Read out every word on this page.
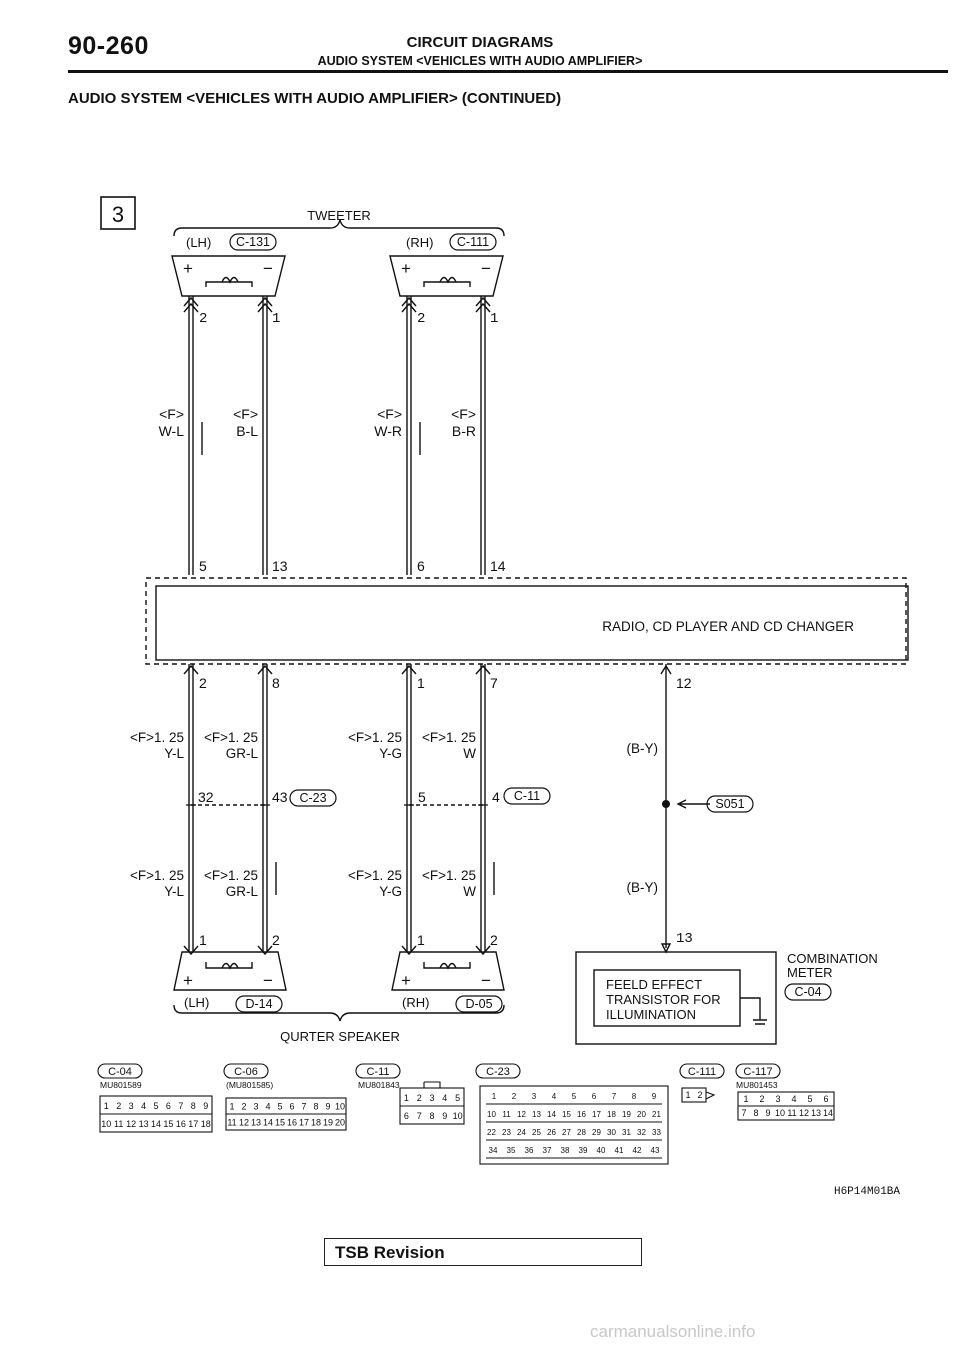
90-260	CIRCUIT DIAGRAMS
AUDIO SYSTEM <VEHICLES WITH AUDIO AMPLIFIER>
AUDIO SYSTEM <VEHICLES WITH AUDIO AMPLIFIER> (CONTINUED)
3	TWEETER
(LH)	(RH)
+	−	+	−
2	1	2	1
<F>
W-L
<F>
B-L
<F>
W-R
<F>
B-R
5	13	6	14
2	8	1	7	12
RADIO, CD PLAYER AND CD CHANGER
<F>1. 25
Y-L
<F>1. 25
GR-L
<F>1. 25
Y-G
<F>1. 25
W
<F>1. 25
Y-L
<F>1. 25
GR-L
<F>1. 25
Y-G
<F>1. 25
W
32	43	5	4
(B-Y)
(B-Y)
13
1	2	1	2
+	−	+	−
(LH)	(RH)
QURTER SPEAKER
COMBINATION
METER
FEELD EFFECT
TRANSISTOR FOR
ILLUMINATION
C-131	C-111
C-23	C-11
S051
D-14	D-05
C-04
C-04	C-06	C-11	C-23	C-111 C-117
MU801589	(MU801585)	MU801843	MU801453
1 2 3 4 5 6 7 8 9
10 11 12 13 14 15 16 17 18
1 2 3 4 5 6 7 8 9 10
11 12 13 14 15 16 17 18 19 20
1 2 3 4 5
6 7 8 9 10
1 2 3 4 5 6 7 8 9
10 11 12 13 14 15 16 17 18 19 20 21
22 23 24 25 26 27 28 29 30 31 32 33
34 35 36 37 38 39 40 41 42 43
1 2	1 2 3 4 5 6
7 8 9 10 11 12 13 14
H6P14M01BA
TSB Revision
carmanualsonline.info
